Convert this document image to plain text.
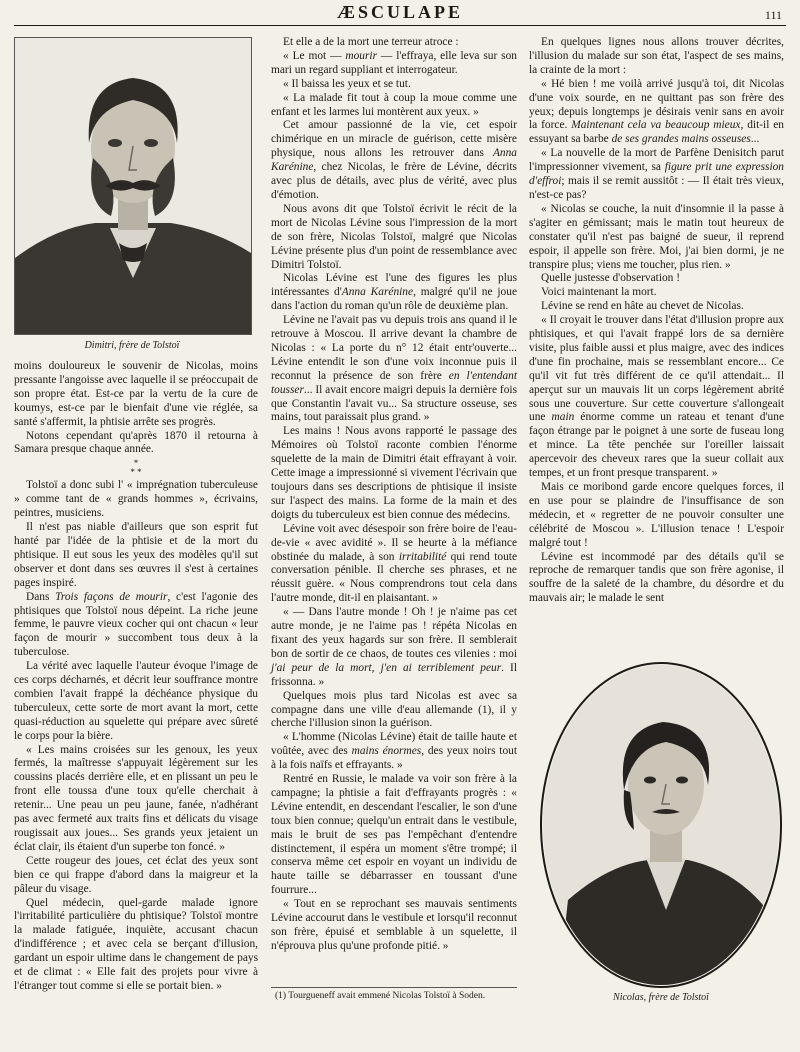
ÆSCULAPE	111
Dimitri, frère de Tolstoï

moins douloureux le souvenir de Nicolas, moins pressante l'angoisse avec laquelle il se préoccupait de son propre état. Est-ce par la vertu de la cure de koumys, est-ce par le bienfait d'une vie réglée, sa santé s'affermit, la phtisie arrête ses progrès.

Notons cependant qu'après 1870 il retourna à Samara presque chaque année.

*
* *

Tolstoï a donc subi l' « imprégnation tuberculeuse » comme tant de « grands hommes », écrivains, peintres, musiciens.

Il n'est pas niable d'ailleurs que son esprit fut hanté par l'idée de la phtisie et de la mort du phtisique. Il eut sous les yeux des modèles qu'il sut observer et dont dans ses œuvres il s'est à certaines pages inspiré.

Dans Trois façons de mourir, c'est l'agonie des phtisiques que Tolstoï nous dépeint. La riche jeune femme, le pauvre vieux cocher qui ont chacun « leur façon de mourir » succombent tous deux à la tuberculose.

La vérité avec laquelle l'auteur évoque l'image de ces corps décharnés, et décrit leur souffrance montre combien l'avait frappé la déchéance physique du tuberculeux, cette sorte de mort avant la mort, cette quasi-réduction au squelette qui prépare avec sûreté le corps pour la bière.

« Les mains croisées sur les genoux, les yeux fermés, la maîtresse s'appuyait légèrement sur les coussins placés derrière elle, et en plissant un peu le front elle toussa d'une toux qu'elle cherchait à retenir... Une peau un peu jaune, fanée, n'adhérant pas avec fermeté aux traits fins et délicats du visage rougissait aux joues... Ses grands yeux jetaient un éclat clair, ils étaient d'un superbe ton foncé. »

Cette rougeur des joues, cet éclat des yeux sont bien ce qui frappe d'abord dans la maigreur et la pâleur du visage.

Quel médecin, quel-garde malade ignore l'irritabilité particulière du phtisique? Tolstoï montre la malade fatiguée, inquiète, accusant chacun d'indifférence ; et avec cela se berçant d'illusion, gardant un espoir ultime dans le changement de pays et de climat : « Elle fait des projets pour vivre à l'étranger tout comme si elle se portait bien. »

Et elle a de la mort une terreur atroce :

« Le mot — mourir — l'effraya, elle leva sur son mari un regard suppliant et interrogateur.

« Il baissa les yeux et se tut.

« La malade fit tout à coup la moue comme une enfant et les larmes lui montèrent aux yeux. »

Cet amour passionné de la vie, cet espoir chimérique en un miracle de guérison, cette misère physique, nous allons les retrouver dans Anna Karénine, chez Nicolas, le frère de Lévine, décrits avec plus de détails, avec plus de vérité, avec plus d'émotion.

Nous avons dit que Tolstoï écrivit le récit de la mort de Nicolas Lévine sous l'impression de la mort de son frère, Nicolas Tolstoï, malgré que Nicolas Lévine présente plus d'un point de ressemblance avec Dimitri Tolstoï.

Nicolas Lévine est l'une des figures les plus intéressantes d'Anna Karénine, malgré qu'il ne joue dans l'action du roman qu'un rôle de deuxième plan.

Lévine ne l'avait pas vu depuis trois ans quand il le retrouve à Moscou. Il arrive devant la chambre de Nicolas : « La porte du n° 12 était entr'ouverte... Lévine entendit le son d'une voix inconnue puis il reconnut la présence de son frère en l'entendant tousser... Il avait encore maigri depuis la dernière fois que Constantin l'avait vu... Sa structure osseuse, ses mains, tout paraissait plus grand. »

Les mains ! Nous avons rapporté le passage des Mémoires où Tolstoï raconte combien l'énorme squelette de la main de Dimitri était effrayant à voir. Cette image a impressionné si vivement l'écrivain que toujours dans ses descriptions de phtisique il insiste sur l'aspect des mains. La forme de la main et des doigts du tuberculeux est bien connue des médecins.

Lévine voit avec désespoir son frère boire de l'eau-de-vie « avec avidité ». Il se heurte à la méfiance obstinée du malade, à son irritabilité qui rend toute conversation pénible. Il cherche ses phrases, et ne réussit guère. « Nous comprendrons tout cela dans l'autre monde, dit-il en plaisantant. »

« — Dans l'autre monde ! Oh ! je n'aime pas cet autre monde, je ne l'aime pas ! répéta Nicolas en fixant des yeux hagards sur son frère. Il semblerait bon de sortir de ce chaos, de toutes ces vilenies : moi j'ai peur de la mort, j'en ai terriblement peur. Il frissonna. »

Quelques mois plus tard Nicolas est avec sa compagne dans une ville d'eau allemande (1), il y cherche l'illusion sinon la guérison.

« L'homme (Nicolas Lévine) était de taille haute et voûtée, avec des mains énormes, des yeux noirs tout à la fois naïfs et effrayants. »

Rentré en Russie, le malade va voir son frère à la campagne; la phtisie a fait d'effrayants progrès : « Lévine entendit, en descendant l'escalier, le son d'une toux bien connue; quelqu'un entrait dans le vestibule, mais le bruit de ses pas l'empêchant d'entendre distinctement, il espéra un moment s'être trompé; il conserva même cet espoir en voyant un individu de haute taille se débarrasser en toussant d'une fourrure...

« Tout en se reprochant ses mauvais sentiments Lévine accourut dans le vestibule et lorsqu'il reconnut son frère, épuisé et semblable à un squelette, il n'éprouva plus qu'une profonde pitié. »

(1) Tourgueneff avait emmené Nicolas Tolstoï à Soden.

En quelques lignes nous allons trouver décrites, l'illusion du malade sur son état, l'aspect de ses mains, la crainte de la mort :

« Hé bien ! me voilà arrivé jusqu'à toi, dit Nicolas d'une voix sourde, en ne quittant pas son frère des yeux; depuis longtemps je désirais venir sans en avoir la force. Maintenant cela va beaucoup mieux, dit-il en essuyant sa barbe de ses grandes mains osseuses...

« La nouvelle de la mort de Parfène Denisitch parut l'impressionner vivement, sa figure prit une expression d'effroi; mais il se remit aussitôt : — Il était très vieux, n'est-ce pas?

« Nicolas se couche, la nuit d'insomnie il la passe à s'agiter en gémissant; mais le matin tout heureux de constater qu'il n'est pas baigné de sueur, il reprend espoir, il appelle son frère. Moi, j'ai bien dormi, je ne transpire plus; viens me toucher, plus rien. »

Quelle justesse d'observation !

Voici maintenant la mort.

Lévine se rend en hâte au chevet de Nicolas.

« Il croyait le trouver dans l'état d'illusion propre aux phtisiques, et qui l'avait frappé lors de sa dernière visite, plus faible aussi et plus maigre, avec des indices d'une fin prochaine, mais se ressemblant encore... Ce qu'il vit fut très différent de ce qu'il attendait... Il aperçut sur un mauvais lit un corps légèrement abrité sous une couverture. Sur cette couverture s'allongeait une main énorme comme un rateau et tenant d'une façon étrange par le poignet à une sorte de fuseau long et mince. La tête penchée sur l'oreiller laissait apercevoir des cheveux rares que la sueur collait aux tempes, et un front presque transparent. »

Mais ce moribond garde encore quelques forces, il en use pour se plaindre de l'insuffisance de son médecin, et « regretter de ne pouvoir consulter une célébrité de Moscou ». L'illusion tenace ! L'espoir malgré tout !

Lévine est incommodé par des détails qu'il se reproche de remarquer tandis que son frère agonise, il souffre de la saleté de la chambre, du désordre et du mauvais air; le malade le sent

Nicolas, frère de Tolstoï
